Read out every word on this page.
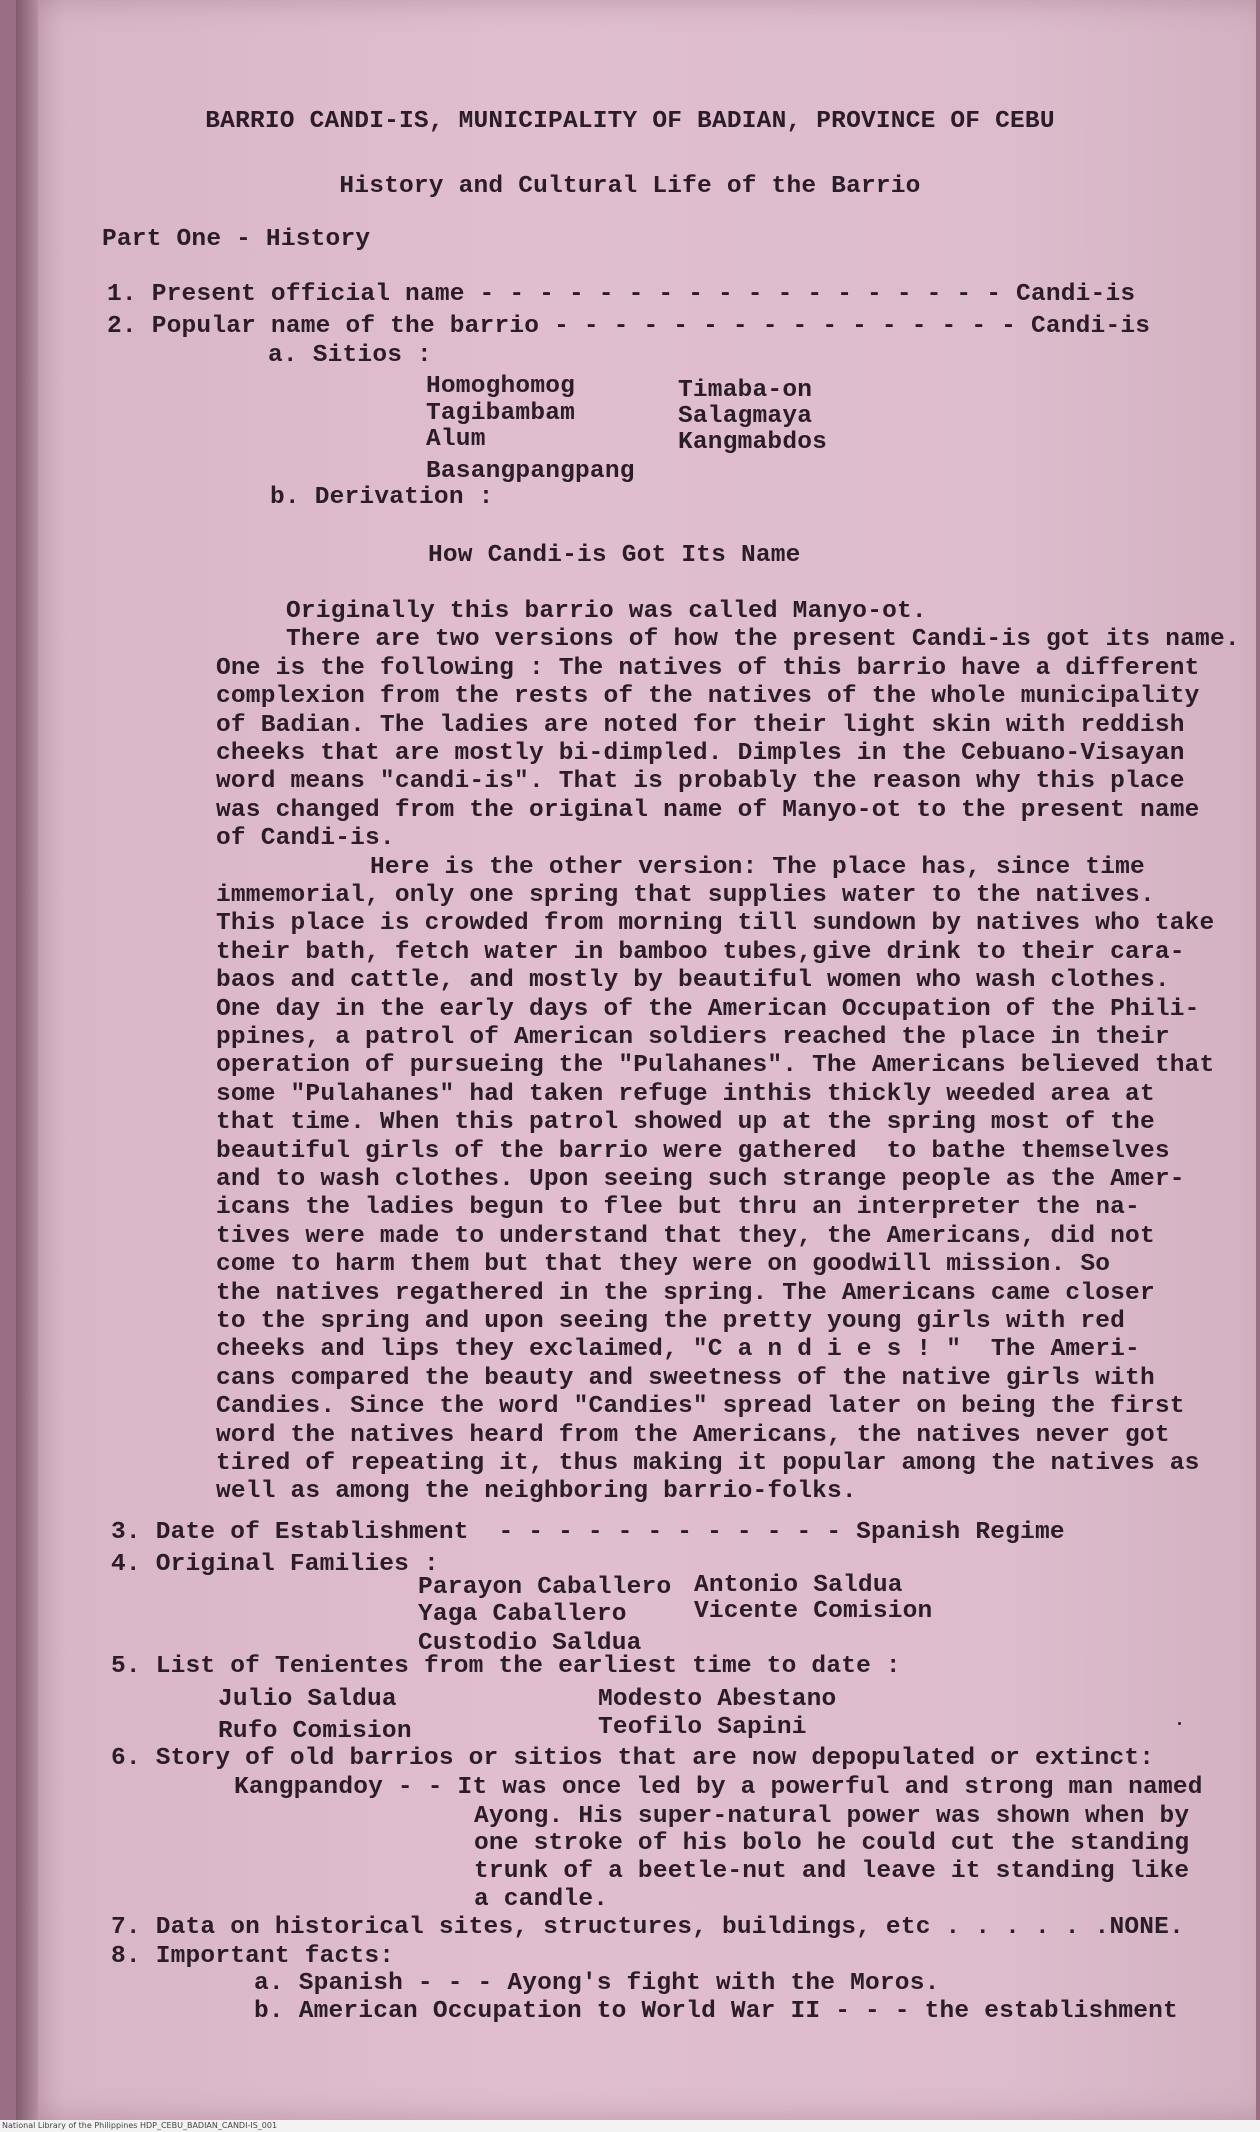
BARRIO CANDI-IS, MUNICIPALITY OF BADIAN, PROVINCE OF CEBU
History and Cultural Life of the Barrio
Part One - History
1. Present official name - - - - - - - - - - - - - - - - - - Candi-is
2. Popular name of the barrio - - - - - - - - - - - - - - - - Candi-is
a. Sitios :
Homoghomog
Tagibambam
Alum
Basangpangpang
Timaba-on
Salagmaya
Kangmabdos
b. Derivation :
How Candi-is Got Its Name
Originally this barrio was called Manyo-ot.
There are two versions of how the present Candi-is got its name.
One is the following : The natives of this barrio have a different
complexion from the rests of the natives of the whole municipality
of Badian. The ladies are noted for their light skin with reddish
cheeks that are mostly bi-dimpled. Dimples in the Cebuano-Visayan
word means "candi-is". That is probably the reason why this place
was changed from the original name of Manyo-ot to the present name
of Candi-is.
Here is the other version: The place has, since time
immemorial, only one spring that supplies water to the natives.
This place is crowded from morning till sundown by natives who take
their bath, fetch water in bamboo tubes,give drink to their cara-
baos and cattle, and mostly by beautiful women who wash clothes.
One day in the early days of the American Occupation of the Phili-
ppines, a patrol of American soldiers reached the place in their
operation of pursueing the "Pulahanes". The Americans believed that
some "Pulahanes" had taken refuge inthis thickly weeded area at
that time. When this patrol showed up at the spring most of the
beautiful girls of the barrio were gathered  to bathe themselves
and to wash clothes. Upon seeing such strange people as the Amer-
icans the ladies begun to flee but thru an interpreter the na-
tives were made to understand that they, the Americans, did not
come to harm them but that they were on goodwill mission. So
the natives regathered in the spring. The Americans came closer
to the spring and upon seeing the pretty young girls with red
cheeks and lips they exclaimed, "C a n d i e s ! "  The Ameri-
cans compared the beauty and sweetness of the native girls with
Candies. Since the word "Candies" spread later on being the first
word the natives heard from the Americans, the natives never got
tired of repeating it, thus making it popular among the natives as
well as among the neighboring barrio-folks.
3. Date of Establishment  - - - - - - - - - - - - Spanish Regime
4. Original Families :
Parayon Caballero
Yaga Caballero
Custodio Saldua
Antonio Saldua
Vicente Comision
5. List of Tenientes from the earliest time to date :
Julio Saldua
Rufo Comision
Modesto Abestano
Teofilo Sapini
6. Story of old barrios or sitios that are now depopulated or extinct:
Kangpandoy - - It was once led by a powerful and strong man named
Ayong. His super-natural power was shown when by
one stroke of his bolo he could cut the standing
trunk of a beetle-nut and leave it standing like
a candle.
7. Data on historical sites, structures, buildings, etc . . . . . .NONE.
8. Important facts:
a. Spanish - - - Ayong's fight with the Moros.
b. American Occupation to World War II - - - the establishment
National Library of the Philippines HDP_CEBU_BADIAN_CANDI-IS_001
